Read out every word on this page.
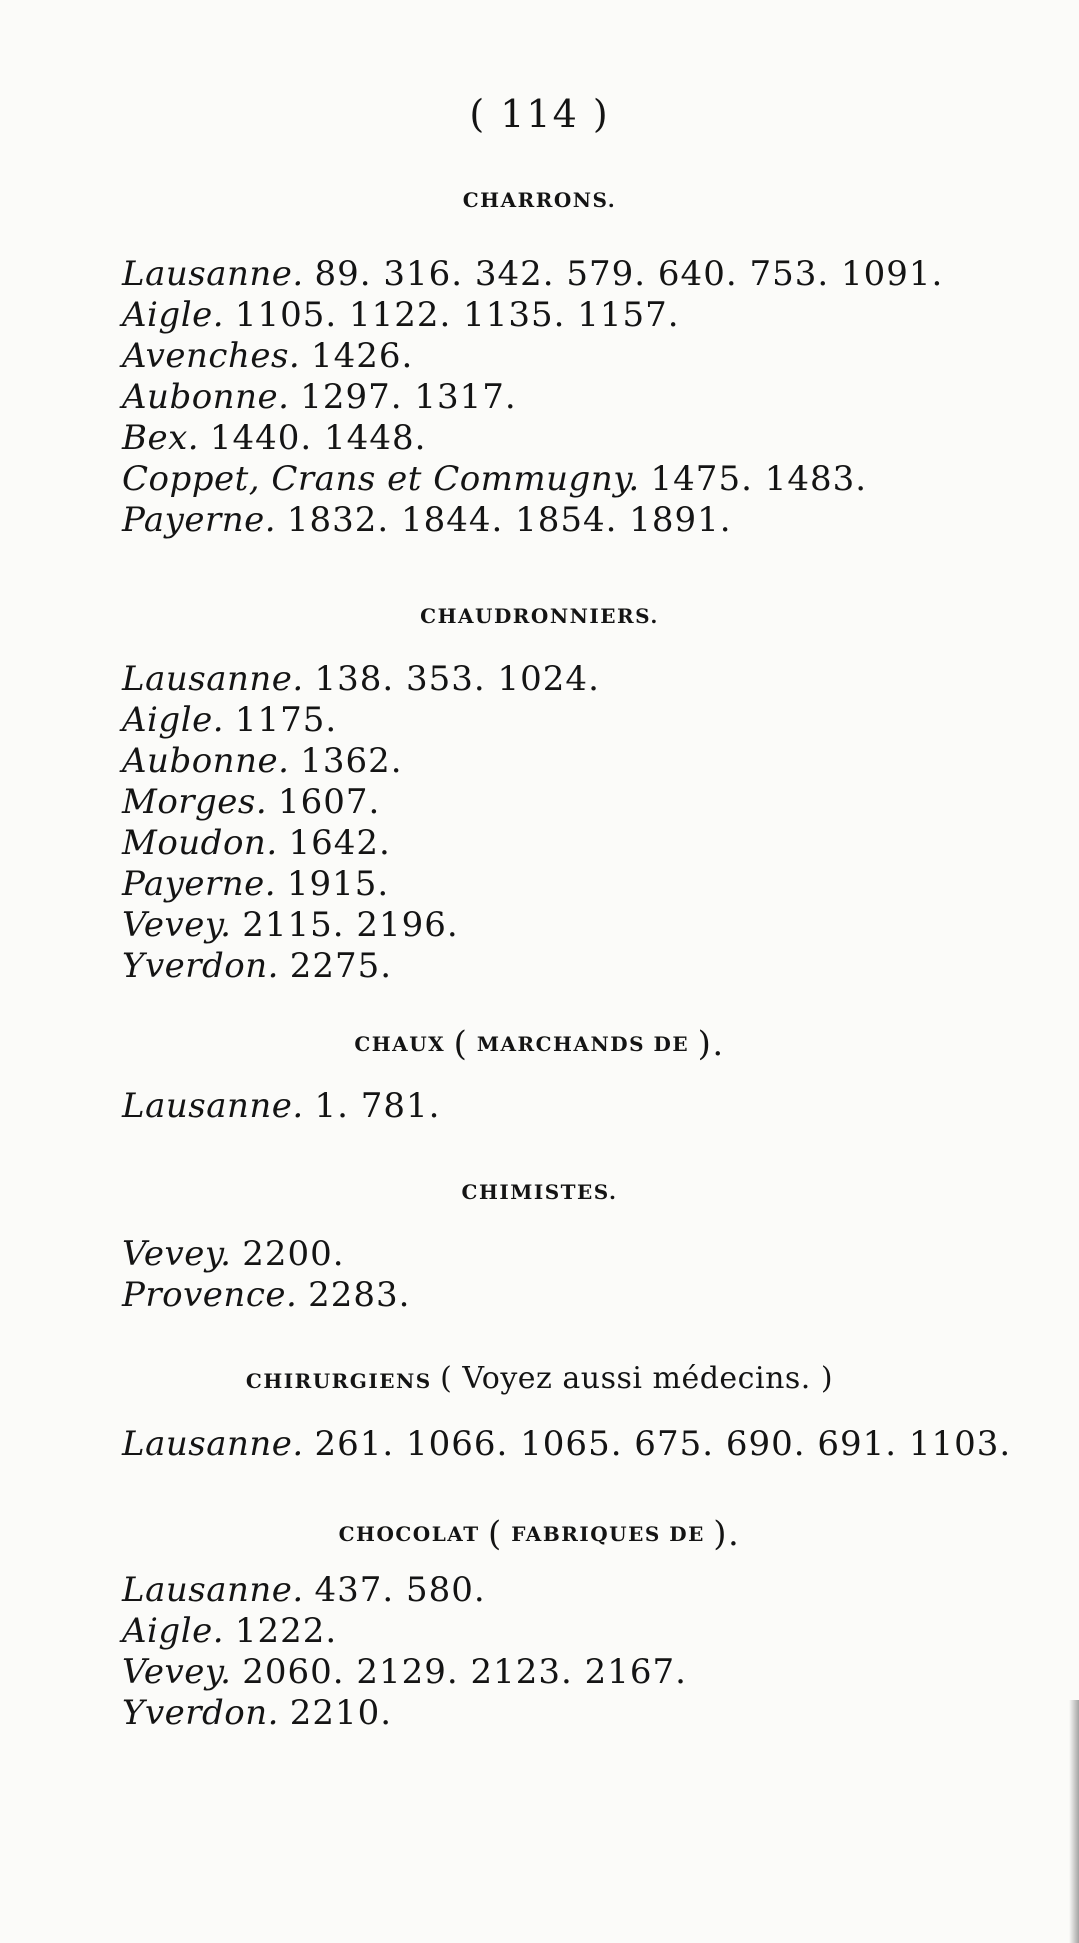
( 114 )

CHARRONS.

Lausanne. 89. 316. 342. 579. 640. 753. 1091.
Aigle. 1105. 1122. 1135. 1157.
Avenches. 1426.
Aubonne. 1297. 1317.
Bex. 1440. 1448.
Coppet, Crans et Commugny. 1475. 1483.
Payerne. 1832. 1844. 1854. 1891.

CHAUDRONNIERS.

Lausanne. 138. 353. 1024.
Aigle. 1175.
Aubonne. 1362.
Morges. 1607.
Moudon. 1642.
Payerne. 1915.
Vevey. 2115. 2196.
Yverdon. 2275.

CHAUX ( MARCHANDS DE ).

Lausanne. 1. 781.

CHIMISTES.

Vevey. 2200.
Provence. 2283.

CHIRURGIENS ( Voyez aussi médecins. )

Lausanne. 261. 1066. 1065. 675. 690. 691. 1103.

CHOCOLAT ( FABRIQUES DE ).

Lausanne. 437. 580.
Aigle. 1222.
Vevey. 2060. 2129. 2123. 2167.
Yverdon. 2210.
